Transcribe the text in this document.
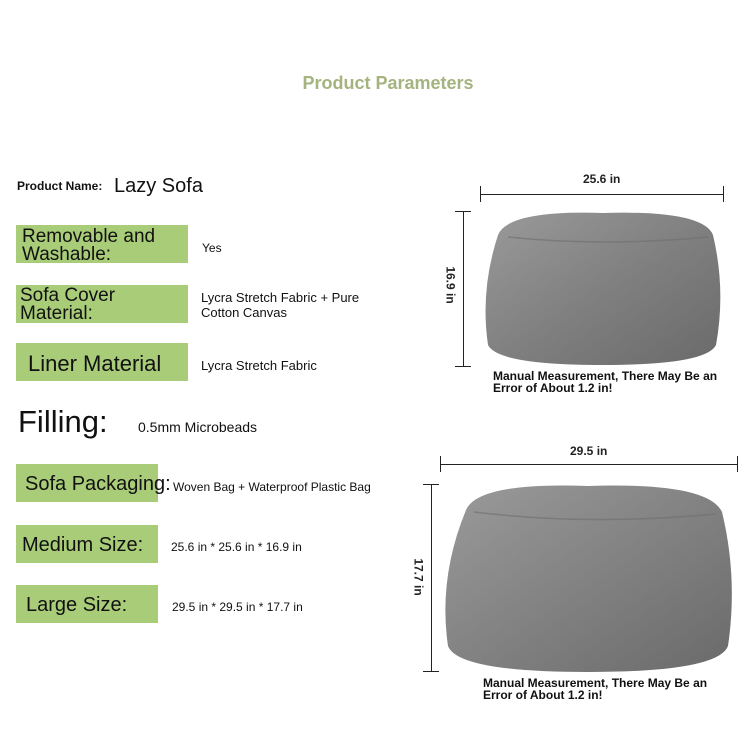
Product Parameters
Product Name: Lazy Sofa
Removable and
Washable:	Yes
Sofa Cover
Material:
Lycra Stretch Fabric + Pure
Cotton Canvas
Liner Material	Lycra Stretch Fabric
Filling: 0.5mm Microbeads
Sofa Packaging: Woven Bag + Waterproof Plastic Bag
Medium Size: 25.6 in * 25.6 in * 16.9 in
Large Size:	29.5 in * 29.5 in * 17.7 in
25.6 in
16.9 in
Manual Measurement, There May Be an
Error of About 1.2 in!
29.5 in
17.7 in
Manual Measurement, There May Be an
Error of About 1.2 in!
